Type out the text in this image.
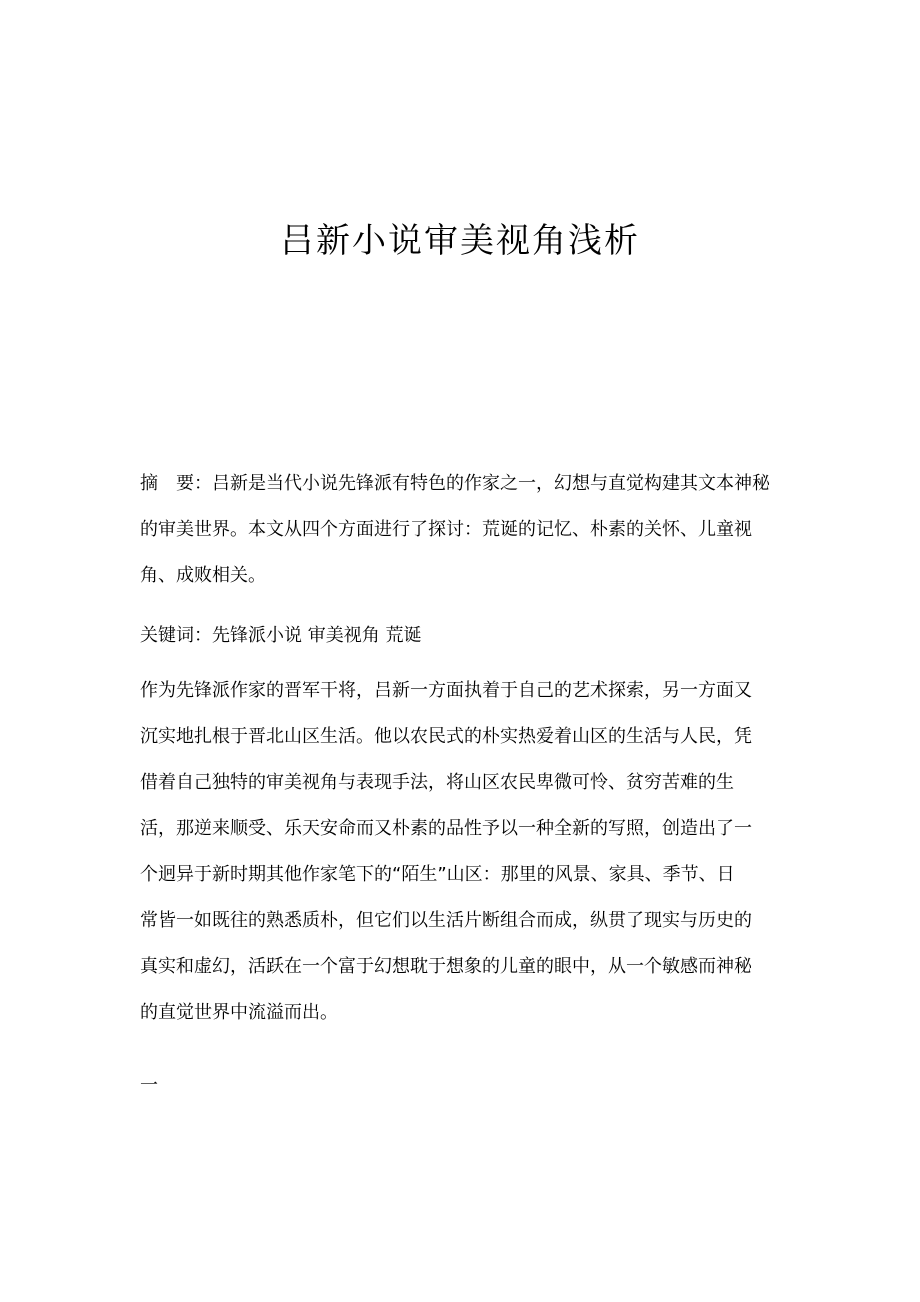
吕新小说审美视角浅析
摘　要：吕新是当代小说先锋派有特色的作家之一，幻想与直觉构建其文本神秘
的审美世界。本文从四个方面进行了探讨：荒诞的记忆、朴素的关怀、儿童视
角、成败相关。
关键词：先锋派小说 审美视角 荒诞
作为先锋派作家的晋军干将，吕新一方面执着于自己的艺术探索，另一方面又
沉实地扎根于晋北山区生活。他以农民式的朴实热爱着山区的生活与人民，凭
借着自己独特的审美视角与表现手法，将山区农民卑微可怜、贫穷苦难的生
活，那逆来顺受、乐天安命而又朴素的品性予以一种全新的写照，创造出了一
个迥异于新时期其他作家笔下的“陌生”山区：那里的风景、家具、季节、日
常皆一如既往的熟悉质朴，但它们以生活片断组合而成，纵贯了现实与历史的
真实和虚幻，活跃在一个富于幻想耽于想象的儿童的眼中，从一个敏感而神秘
的直觉世界中流溢而出。

一
